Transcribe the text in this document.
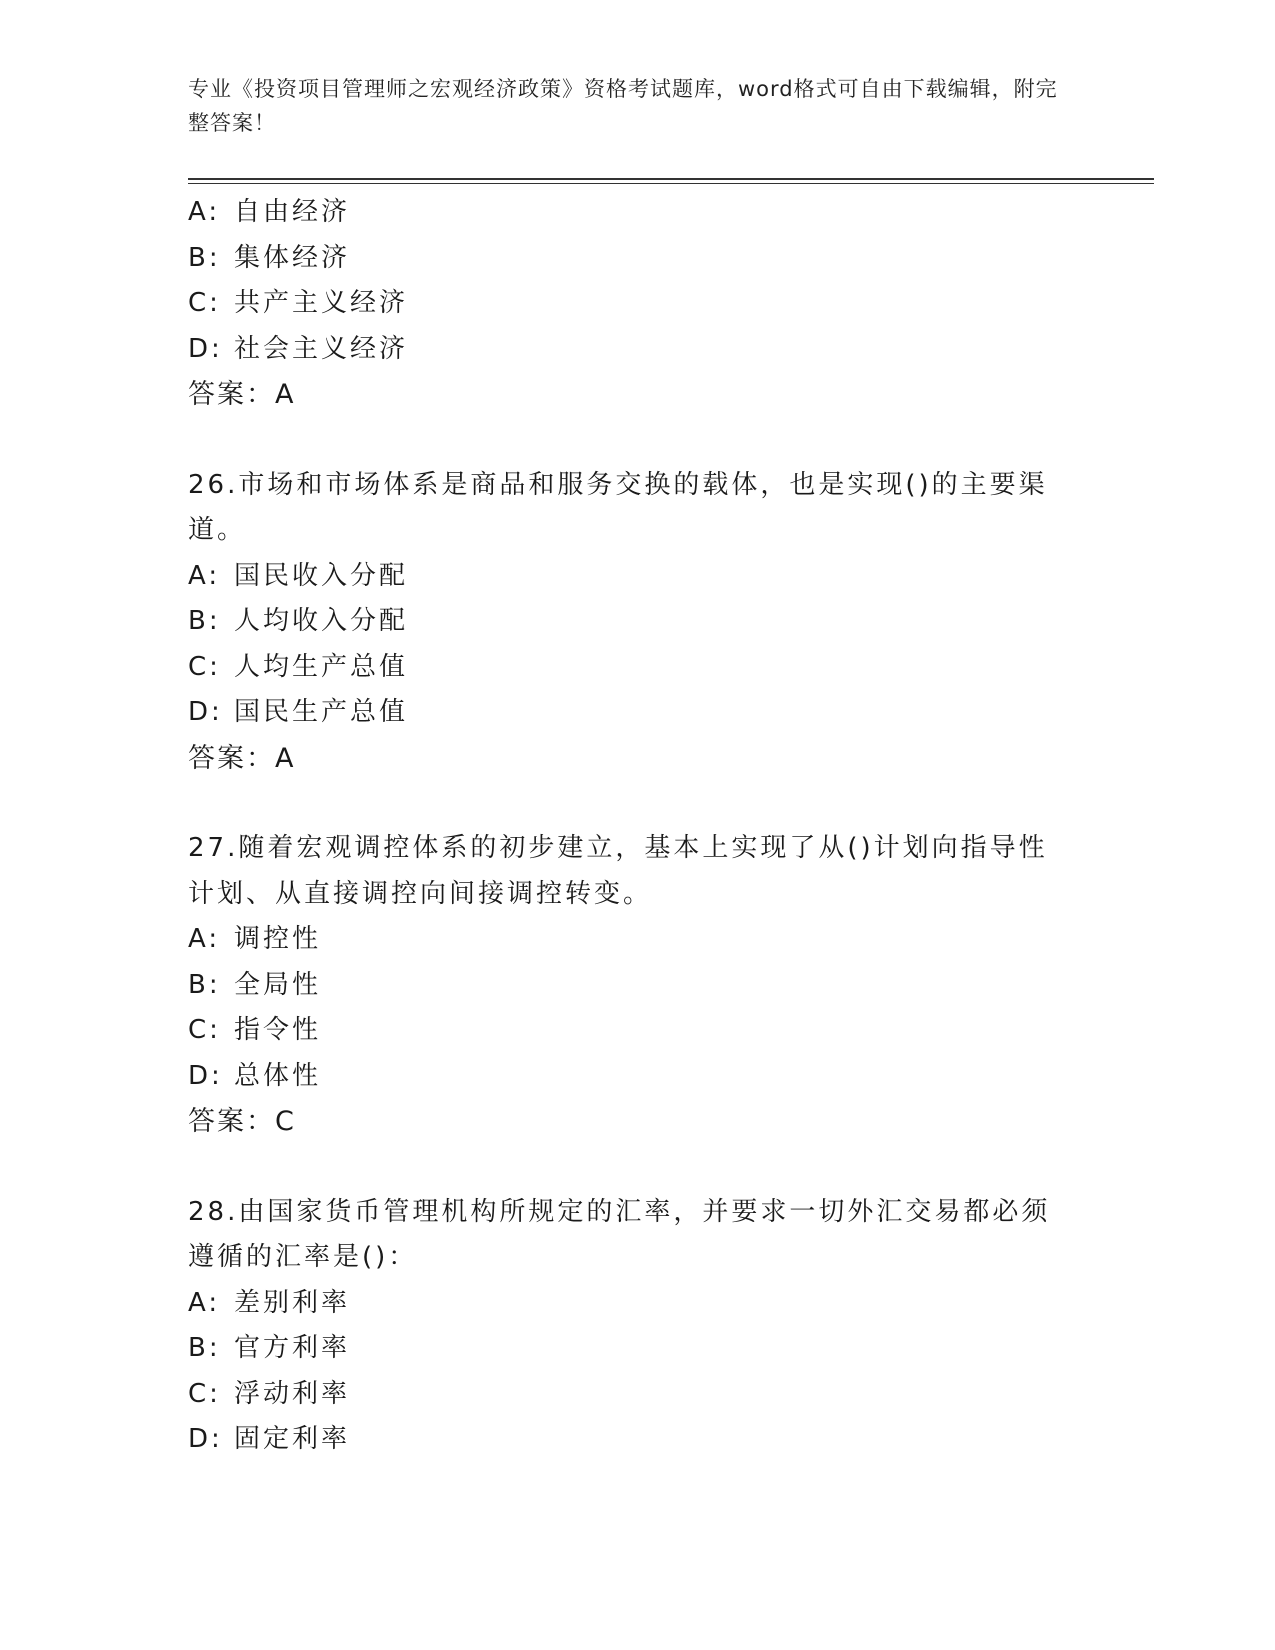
专业《投资项目管理师之宏观经济政策》资格考试题库，word格式可自由下载编辑，附完整答案！
A: 自由经济
B: 集体经济
C: 共产主义经济
D: 社会主义经济
答案：A
26.市场和市场体系是商品和服务交换的载体，也是实现()的主要渠道。
A: 国民收入分配
B: 人均收入分配
C: 人均生产总值
D: 国民生产总值
答案：A
27.随着宏观调控体系的初步建立，基本上实现了从()计划向指导性计划、从直接调控向间接调控转变。
A: 调控性
B: 全局性
C: 指令性
D: 总体性
答案：C
28.由国家货币管理机构所规定的汇率，并要求一切外汇交易都必须遵循的汇率是()：
A: 差别利率
B: 官方利率
C: 浮动利率
D: 固定利率
